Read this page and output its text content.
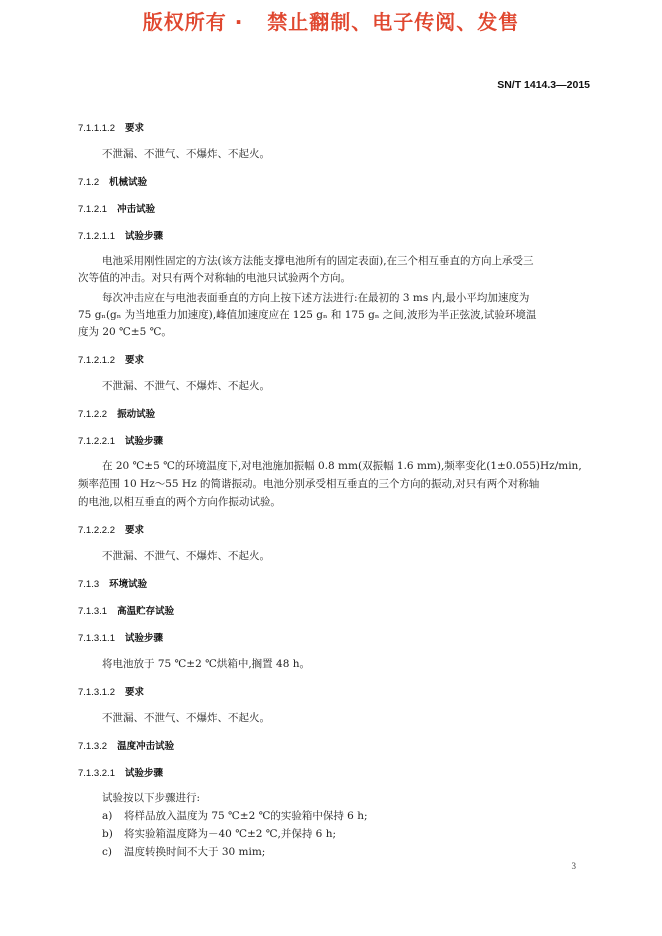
版权所有 ·   禁止翻制、电子传阅、发售
SN/T 1414.3—2015
7.1.1.1.2 要求
不泄漏、不泄气、不爆炸、不起火。
7.1.2 机械试验
7.1.2.1 冲击试验
7.1.2.1.1 试验步骤
电池采用刚性固定的方法(该方法能支撑电池所有的固定表面),在三个相互垂直的方向上承受三
次等值的冲击。对只有两个对称轴的电池只试验两个方向。
每次冲击应在与电池表面垂直的方向上按下述方法进行:在最初的 3 ms 内,最小平均加速度为
75 gₙ(gₙ 为当地重力加速度),峰值加速度应在 125 gₙ 和 175 gₙ 之间,波形为半正弦波,试验环境温
度为 20 ℃±5 ℃。
7.1.2.1.2 要求
不泄漏、不泄气、不爆炸、不起火。
7.1.2.2 振动试验
7.1.2.2.1 试验步骤
在 20 ℃±5 ℃的环境温度下,对电池施加振幅 0.8 mm(双振幅 1.6 mm),频率变化(1±0.055)Hz/min,
频率范围 10 Hz～55 Hz 的简谐振动。电池分别承受相互垂直的三个方向的振动,对只有两个对称轴
的电池,以相互垂直的两个方向作振动试验。
7.1.2.2.2 要求
不泄漏、不泄气、不爆炸、不起火。
7.1.3 环境试验
7.1.3.1 高温贮存试验
7.1.3.1.1 试验步骤
将电池放于 75 ℃±2 ℃烘箱中,搁置 48 h。
7.1.3.1.2 要求
不泄漏、不泄气、不爆炸、不起火。
7.1.3.2 温度冲击试验
7.1.3.2.1 试验步骤
试验按以下步骤进行:
a) 将样品放入温度为 75 ℃±2 ℃的实验箱中保持 6 h;
b) 将实验箱温度降为－40 ℃±2 ℃,并保持 6 h;
c) 温度转换时间不大于 30 mim;
3
